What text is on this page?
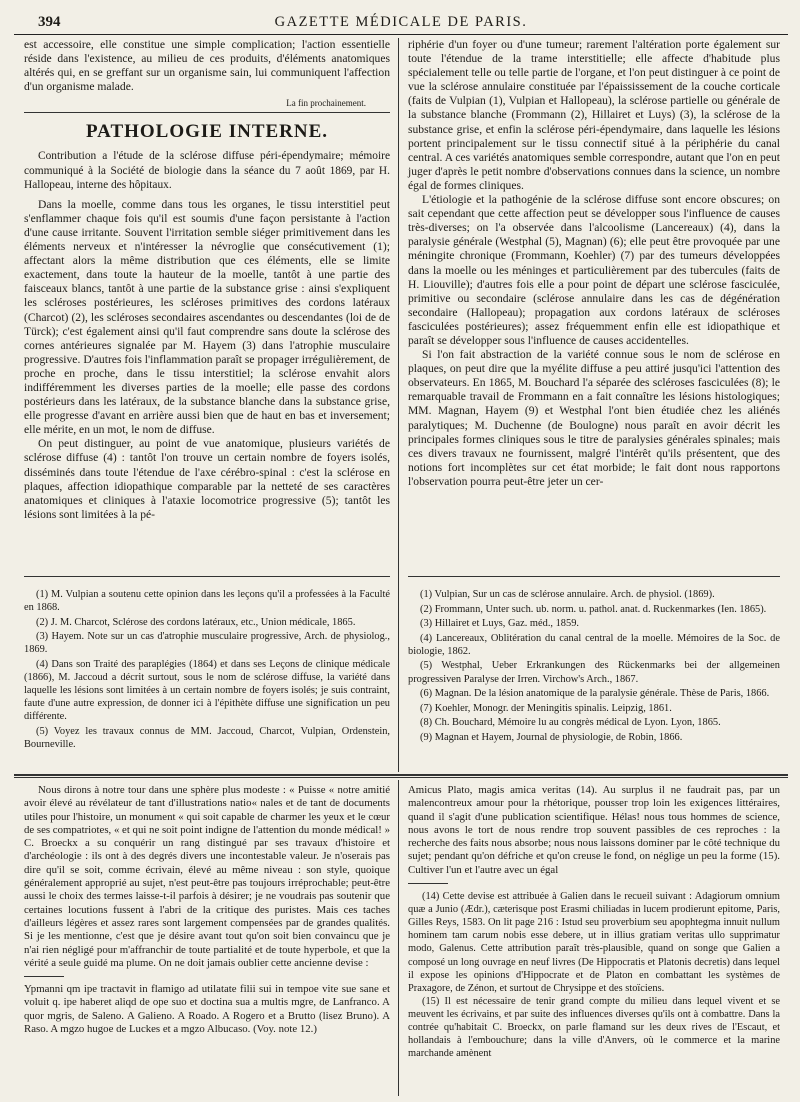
394	GAZETTE MÉDICALE DE PARIS.

est accessoire, elle constitue une simple complication; l'action essentielle réside dans l'existence, au milieu de ces produits, d'éléments anatomiques altérés qui, en se greffant sur un organisme sain, lui communiquent l'affection d'un organisme malade.

La fin prochainement.
PATHOLOGIE INTERNE.

Contribution a l'étude de la sclérose diffuse péri-épendymaire; mémoire communiqué à la Société de biologie dans la séance du 7 août 1869, par H. Hallopeau, interne des hôpitaux.

Dans la moelle, comme dans tous les organes, le tissu interstitiel peut s'enflammer chaque fois qu'il est soumis d'une façon persistante à l'action d'une cause irritante. Souvent l'irritation semble siéger primitivement dans les éléments nerveux et n'intéresser la névroglie que consécutivement (1); affectant alors la même distribution que ces éléments, elle se limite exactement, dans toute la hauteur de la moelle, tantôt à une partie des faisceaux blancs, tantôt à une partie de la substance grise : ainsi s'expliquent les scléroses postérieures, les scléroses primitives des cordons latéraux (Charcot) (2), les scléroses secondaires ascendantes ou descendantes (loi de de Türck); c'est également ainsi qu'il faut comprendre sans doute la sclérose des cornes antérieures signalée par M. Hayem (3) dans l'atrophie musculaire progressive. D'autres fois l'inflammation paraît se propager irrégulièrement, de proche en proche, dans le tissu interstitiel; la sclérose envahit alors indifféremment les diverses parties de la moelle; elle passe des cordons postérieurs dans les latéraux, de la substance blanche dans la substance grise, elle progresse d'avant en arrière aussi bien que de haut en bas et inversement; elle mérite, en un mot, le nom de diffuse.

On peut distinguer, au point de vue anatomique, plusieurs variétés de sclérose diffuse (4) : tantôt l'on trouve un certain nombre de foyers isolés, disséminés dans toute l'étendue de l'axe cérébro-spinal : c'est la sclérose en plaques, affection idiopathique comparable par la netteté de ses caractères anatomiques et cliniques à l'ataxie locomotrice progressive (5); tantôt les lésions sont limitées à la pé-

riphérie d'un foyer ou d'une tumeur; rarement l'altération porte également sur toute l'étendue de la trame interstitielle; elle affecte d'habitude plus spécialement telle ou telle partie de l'organe, et l'on peut distinguer à ce point de vue la sclérose annulaire constituée par l'épaississement de la couche corticale (faits de Vulpian (1), Vulpian et Hallopeau), la sclérose partielle ou générale de la substance blanche (Frommann (2), Hillairet et Luys) (3), la sclérose de la substance grise, et enfin la sclérose péri-épendymaire, dans laquelle les lésions portent principalement sur le tissu connectif situé à la périphérie du canal central. A ces variétés anatomiques semble correspondre, autant que l'on en peut juger d'après le petit nombre d'observations connues dans la science, un nombre égal de formes cliniques.

L'étiologie et la pathogénie de la sclérose diffuse sont encore obscures; on sait cependant que cette affection peut se développer sous l'influence de causes très-diverses; on l'a observée dans l'alcoolisme (Lancereaux) (4), dans la paralysie générale (Westphal (5), Magnan) (6); elle peut être provoquée par une méningite chronique (Frommann, Koehler) (7) par des tumeurs développées dans la moelle ou les méninges et particulièrement par des tubercules (faits de H. Liouville); d'autres fois elle a pour point de départ une sclérose fasciculée, primitive ou secondaire (sclérose annulaire dans les cas de dégénération secondaire (Hallopeau); propagation aux cordons latéraux de scléroses fasciculées postérieures); assez fréquemment enfin elle est idiopathique et paraît se développer sous l'influence de causes accidentelles.

Si l'on fait abstraction de la variété connue sous le nom de sclérose en plaques, on peut dire que la myélite diffuse a peu attiré jusqu'ici l'attention des observateurs. En 1865, M. Bouchard l'a séparée des scléroses fasciculées (8); le remarquable travail de Frommann en a fait connaître les lésions histologiques; MM. Magnan, Hayem (9) et Westphal l'ont bien étudiée chez les aliénés paralytiques; M. Duchenne (de Boulogne) nous paraît en avoir décrit les principales formes cliniques sous le titre de paralysies générales spinales; mais ces divers travaux ne fournissent, malgré l'intérêt qu'ils présentent, que des notions fort incomplètes sur cet état morbide; le fait dont nous rapportons l'observation pourra peut-être jeter un cer-

(1) M. Vulpian a soutenu cette opinion dans les leçons qu'il a professées à la Faculté en 1868.

(2) J. M. Charcot, Sclérose des cordons latéraux, etc., Union médicale, 1865.

(3) Hayem. Note sur un cas d'atrophie musculaire progressive, Arch. de physiolog., 1869.

(4) Dans son Traité des paraplégies (1864) et dans ses Leçons de clinique médicale (1866), M. Jaccoud a décrit surtout, sous le nom de sclérose diffuse, la variété dans laquelle les lésions sont limitées à un certain nombre de foyers isolés; je suis contraint, faute d'une autre expression, de donner ici à l'épithète diffuse une signification un peu différente.

(5) Voyez les travaux connus de MM. Jaccoud, Charcot, Vulpian, Ordenstein, Bourneville.

(1) Vulpian, Sur un cas de sclérose annulaire. Arch. de physiol. (1869).

(2) Frommann, Unter such. ub. norm. u. pathol. anat. d. Ruckenmarkes (Ien. 1865).

(3) Hillairet et Luys, Gaz. méd., 1859.

(4) Lancereaux, Oblitération du canal central de la moelle. Mémoires de la Soc. de biologie, 1862.

(5) Westphal, Ueber Erkrankungen des Rückenmarks bei der allgemeinen progressiven Paralyse der Irren. Virchow's Arch., 1867.

(6) Magnan. De la lésion anatomique de la paralysie générale. Thèse de Paris, 1866.

(7) Koehler, Monogr. der Meningitis spinalis. Leipzig, 1861.

(8) Ch. Bouchard, Mémoire lu au congrès médical de Lyon. Lyon, 1865.

(9) Magnan et Hayem, Journal de physiologie, de Robin, 1866.

Nous dirons à notre tour dans une sphère plus modeste : « Puisse « notre amitié avoir élevé au révélateur de tant d'illustrations natio« nales et de tant de documents utiles pour l'histoire, un monument « qui soit capable de charmer les yeux et le cœur de ses compatriotes, « et qui ne soit point indigne de l'attention du monde médical! » C. Broeckx a su conquérir un rang distingué par ses travaux d'histoire et d'archéologie : ils ont à des degrés divers une incontestable valeur. Je n'oserais pas dire qu'il se soit, comme écrivain, élevé au même niveau : son style, quoique généralement approprié au sujet, n'est peut-être pas toujours irréprochable; peut-être aussi le choix des termes laisse-t-il parfois à désirer; je ne voudrais pas soutenir que certaines locutions fussent à l'abri de la critique des puristes. Mais ces taches d'ailleurs légères et assez rares sont largement compensées par de grandes qualités. Si je les mentionne, c'est que je désire avant tout qu'on soit bien convaincu que je n'ai rien négligé pour m'affranchir de toute partialité et de toute hyperbole, et que la vérité a seule guidé ma plume. On ne doit jamais oublier cette ancienne devise :

Ypmanni qm ipe tractavit in flamigo ad utilatate filii sui in tempoe vite sue sane et voluit q. ipe haberet aliqd de ope suo et doctina sua a multis mgre, de Lanfranco. A quor mgris, de Saleno. A Galieno. A Roado. A Rogero et a Brutto (lisez Bruno). A Raso. A mgzo hugoe de Luckes et a mgzo Albucaso. (Voy. note 12.)

Amicus Plato, magis amica veritas (14). Au surplus il ne faudrait pas, par un malencontreux amour pour la rhétorique, pousser trop loin les exigences littéraires, quand il s'agit d'une publication scientifique. Hélas! nous tous hommes de science, nous avons le tort de nous rendre trop souvent passibles de ces reproches : la recherche des faits nous absorbe; nous nous laissons dominer par le côté technique du sujet; pendant qu'on défriche et qu'on creuse le fond, on néglige un peu la forme (15). Cultiver l'un et l'autre avec un égal

(14) Cette devise est attribuée à Galien dans le recueil suivant : Adagiorum omnium quæ a Junio (Ædr.), cæterisque post Erasmi chiliadas in lucem prodierunt epitome, Paris, Gilles Reys, 1583. On lit page 216 : Istud seu proverbium seu apophtegma innuit nullum hominem tam carum nobis esse debere, ut in illius gratiam veritas ullo supprimatur modo, Galenus. Cette attribution paraît très-plausible, quand on songe que Galien a composé un long ouvrage en neuf livres (De Hippocratis et Platonis decretis) dans lequel il expose les opinions d'Hippocrate et de Platon en combattant les systèmes de Praxagore, de Zénon, et surtout de Chrysippe et des stoïciens.

(15) Il est nécessaire de tenir grand compte du milieu dans lequel vivent et se meuvent les écrivains, et par suite des influences diverses qu'ils ont à combattre. Dans la contrée qu'habitait C. Broeckx, on parle flamand sur les deux rives de l'Escaut, et hollandais à l'embouchure; dans la ville d'Anvers, où le commerce et la marine marchande amènent
